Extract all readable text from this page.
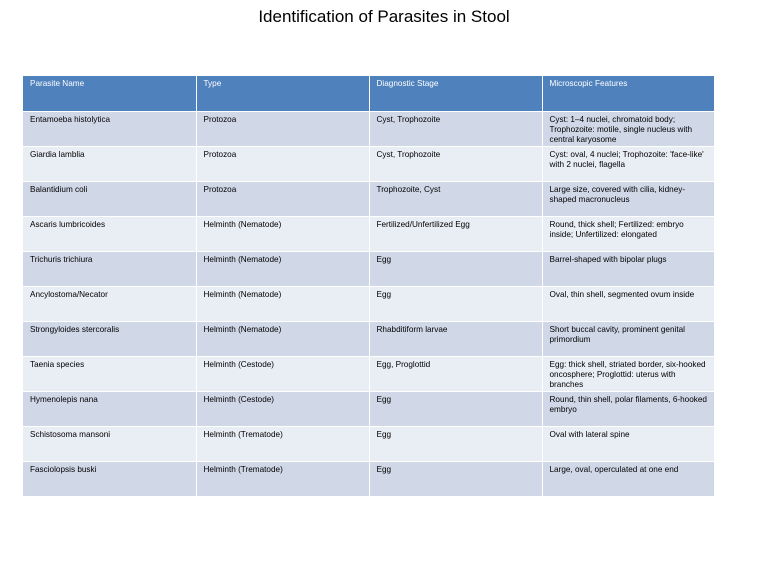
Identification of Parasites in Stool
Parasite Name	Type	Diagnostic Stage	Microscopic Features
Entamoeba histolytica	Protozoa	Cyst, Trophozoite	Cyst: 1–4 nuclei, chromatoid body; Trophozoite: motile, single nucleus with central karyosome
Giardia lamblia	Protozoa	Cyst, Trophozoite	Cyst: oval, 4 nuclei; Trophozoite: 'face-like' with 2 nuclei, flagella
Balantidium coli	Protozoa	Trophozoite, Cyst	Large size, covered with cilia, kidney-shaped macronucleus
Ascaris lumbricoides	Helminth (Nematode)	Fertilized/Unfertilized Egg	Round, thick shell; Fertilized: embryo inside; Unfertilized: elongated
Trichuris trichiura	Helminth (Nematode)	Egg	Barrel-shaped with bipolar plugs
Ancylostoma/Necator	Helminth (Nematode)	Egg	Oval, thin shell, segmented ovum inside
Strongyloides stercoralis	Helminth (Nematode)	Rhabditiform larvae	Short buccal cavity, prominent genital primordium
Taenia species	Helminth (Cestode)	Egg, Proglottid	Egg: thick shell, striated border, six-hooked oncosphere; Proglottid: uterus with branches
Hymenolepis nana	Helminth (Cestode)	Egg	Round, thin shell, polar filaments, 6-hooked embryo
Schistosoma mansoni	Helminth (Trematode)	Egg	Oval with lateral spine
Fasciolopsis buski	Helminth (Trematode)	Egg	Large, oval, operculated at one end
